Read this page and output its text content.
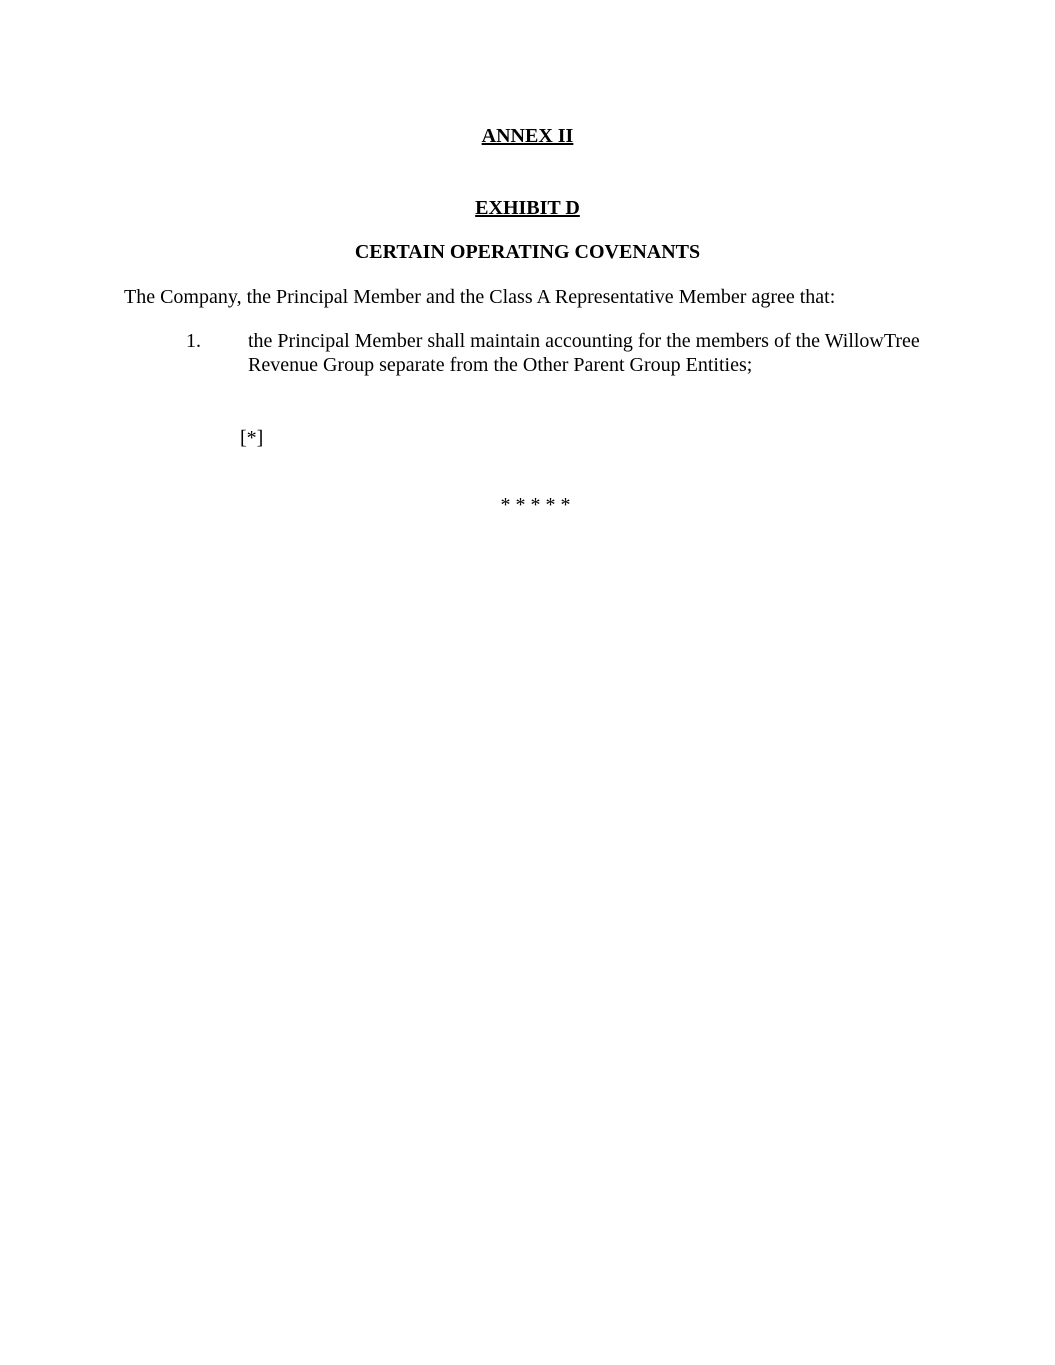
ANNEX II
EXHIBIT D
CERTAIN OPERATING COVENANTS

The Company, the Principal Member and the Class A Representative Member agree that:

1. the Principal Member shall maintain accounting for the members of the WillowTree Revenue Group separate from the Other Parent Group Entities;
[*]
* * * * *
